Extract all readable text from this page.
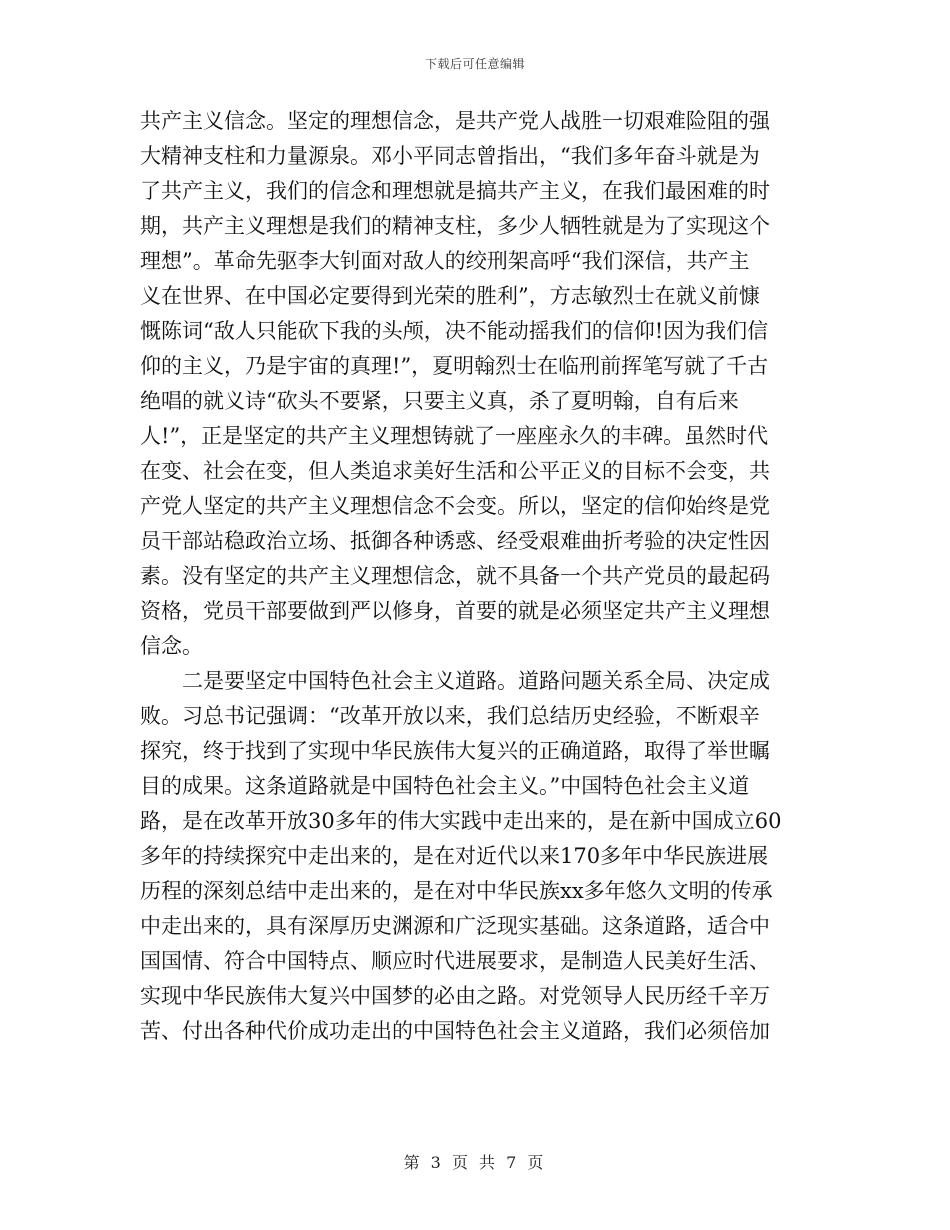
下载后可任意编辑
共产主义信念。坚定的理想信念，是共产党人战胜一切艰难险阻的强
大精神支柱和力量源泉。邓小平同志曾指出，“我们多年奋斗就是为
了共产主义，我们的信念和理想就是搞共产主义，在我们最困难的时
期，共产主义理想是我们的精神支柱，多少人牺牲就是为了实现这个
理想”。革命先驱李大钊面对敌人的绞刑架高呼“我们深信，共产主
义在世界、在中国必定要得到光荣的胜利”，方志敏烈士在就义前慷
慨陈词“敌人只能砍下我的头颅，决不能动摇我们的信仰!因为我们信
仰的主义，乃是宇宙的真理!”，夏明翰烈士在临刑前挥笔写就了千古
绝唱的就义诗“砍头不要紧，只要主义真，杀了夏明翰，自有后来
人!”，正是坚定的共产主义理想铸就了一座座永久的丰碑。虽然时代
在变、社会在变，但人类追求美好生活和公平正义的目标不会变，共
产党人坚定的共产主义理想信念不会变。所以，坚定的信仰始终是党
员干部站稳政治立场、抵御各种诱惑、经受艰难曲折考验的决定性因
素。没有坚定的共产主义理想信念，就不具备一个共产党员的最起码
资格，党员干部要做到严以修身，首要的就是必须坚定共产主义理想
信念。
　　二是要坚定中国特色社会主义道路。道路问题关系全局、决定成
败。习总书记强调：“改革开放以来，我们总结历史经验，不断艰辛
探究，终于找到了实现中华民族伟大复兴的正确道路，取得了举世瞩
目的成果。这条道路就是中国特色社会主义。”中国特色社会主义道
路，是在改革开放30多年的伟大实践中走出来的，是在新中国成立60
多年的持续探究中走出来的，是在对近代以来170多年中华民族进展
历程的深刻总结中走出来的，是在对中华民族xx多年悠久文明的传承
中走出来的，具有深厚历史渊源和广泛现实基础。这条道路，适合中
国国情、符合中国特点、顺应时代进展要求，是制造人民美好生活、
实现中华民族伟大复兴中国梦的必由之路。对党领导人民历经千辛万
苦、付出各种代价成功走出的中国特色社会主义道路，我们必须倍加
第 3 页 共 7 页
